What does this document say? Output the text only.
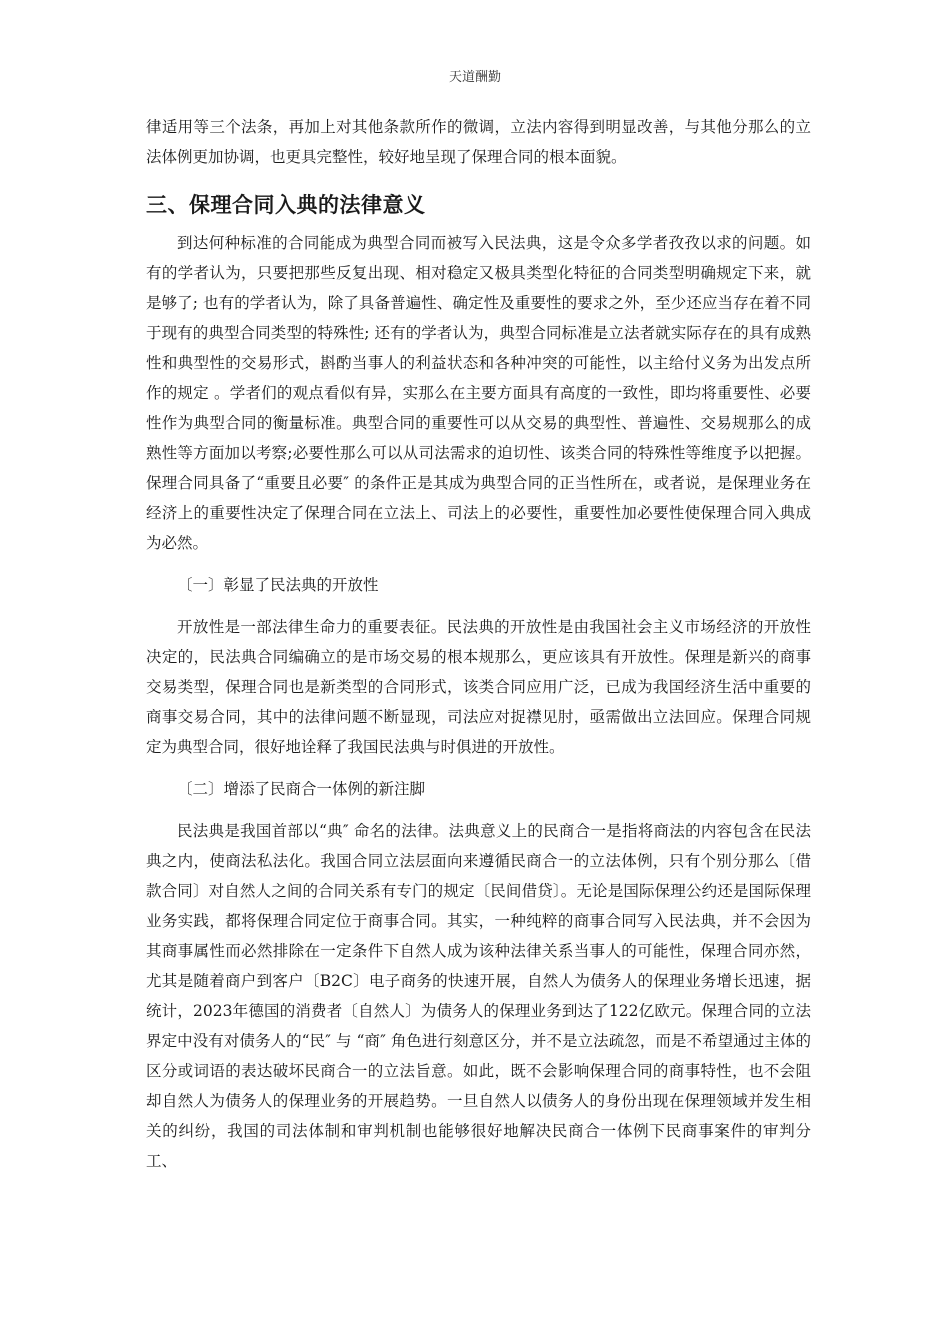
天道酬勤

律适用等三个法条，再加上对其他条款所作的微调，立法内容得到明显改善，与其他分那么的立法体例更加协调，也更具完整性，较好地呈现了保理合同的根本面貌。

三、保理合同入典的法律意义

到达何种标准的合同能成为典型合同而被写入民法典，这是令众多学者孜孜以求的问题。如有的学者认为，只要把那些反复出现、相对稳定又极具类型化特征的合同类型明确规定下来，就是够了; 也有的学者认为，除了具备普遍性、确定性及重要性的要求之外，至少还应当存在着不同于现有的典型合同类型的特殊性; 还有的学者认为，典型合同标准是立法者就实际存在的具有成熟性和典型性的交易形式，斟酌当事人的利益状态和各种冲突的可能性，以主给付义务为出发点所作的规定 。学者们的观点看似有异，实那么在主要方面具有高度的一致性，即均将重要性、必要性作为典型合同的衡量标准。典型合同的重要性可以从交易的典型性、普遍性、交易规那么的成熟性等方面加以考察;必要性那么可以从司法需求的迫切性、该类合同的特殊性等维度予以把握。保理合同具备了“重要且必要″ 的条件正是其成为典型合同的正当性所在，或者说，是保理业务在经济上的重要性决定了保理合同在立法上、司法上的必要性，重要性加必要性使保理合同入典成为必然。

〔一〕彰显了民法典的开放性

开放性是一部法律生命力的重要表征。民法典的开放性是由我国社会主义市场经济的开放性决定的，民法典合同编确立的是市场交易的根本规那么，更应该具有开放性。保理是新兴的商事交易类型，保理合同也是新类型的合同形式，该类合同应用广泛，已成为我国经济生活中重要的商事交易合同，其中的法律问题不断显现，司法应对捉襟见肘，亟需做出立法回应。保理合同规定为典型合同，很好地诠释了我国民法典与时俱进的开放性。

〔二〕增添了民商合一体例的新注脚

民法典是我国首部以“典″ 命名的法律。法典意义上的民商合一是指将商法的内容包含在民法典之内，使商法私法化。我国合同立法层面向来遵循民商合一的立法体例，只有个别分那么〔借款合同〕对自然人之间的合同关系有专门的规定〔民间借贷〕。无论是国际保理公约还是国际保理业务实践，都将保理合同定位于商事合同。其实，一种纯粹的商事合同写入民法典，并不会因为其商事属性而必然排除在一定条件下自然人成为该种法律关系当事人的可能性，保理合同亦然，尤其是随着商户到客户〔B2C〕电子商务的快速开展，自然人为债务人的保理业务增长迅速，据统计，2023年德国的消费者〔自然人〕为债务人的保理业务到达了122亿欧元。保理合同的立法界定中没有对债务人的“民″ 与 “商″ 角色进行刻意区分，并不是立法疏忽，而是不希望通过主体的区分或词语的表达破坏民商合一的立法旨意。如此，既不会影响保理合同的商事特性，也不会阻却自然人为债务人的保理业务的开展趋势。一旦自然人以债务人的身份出现在保理领域并发生相关的纠纷，我国的司法体制和审判机制也能够很好地解决民商合一体例下民商事案件的审判分工、
